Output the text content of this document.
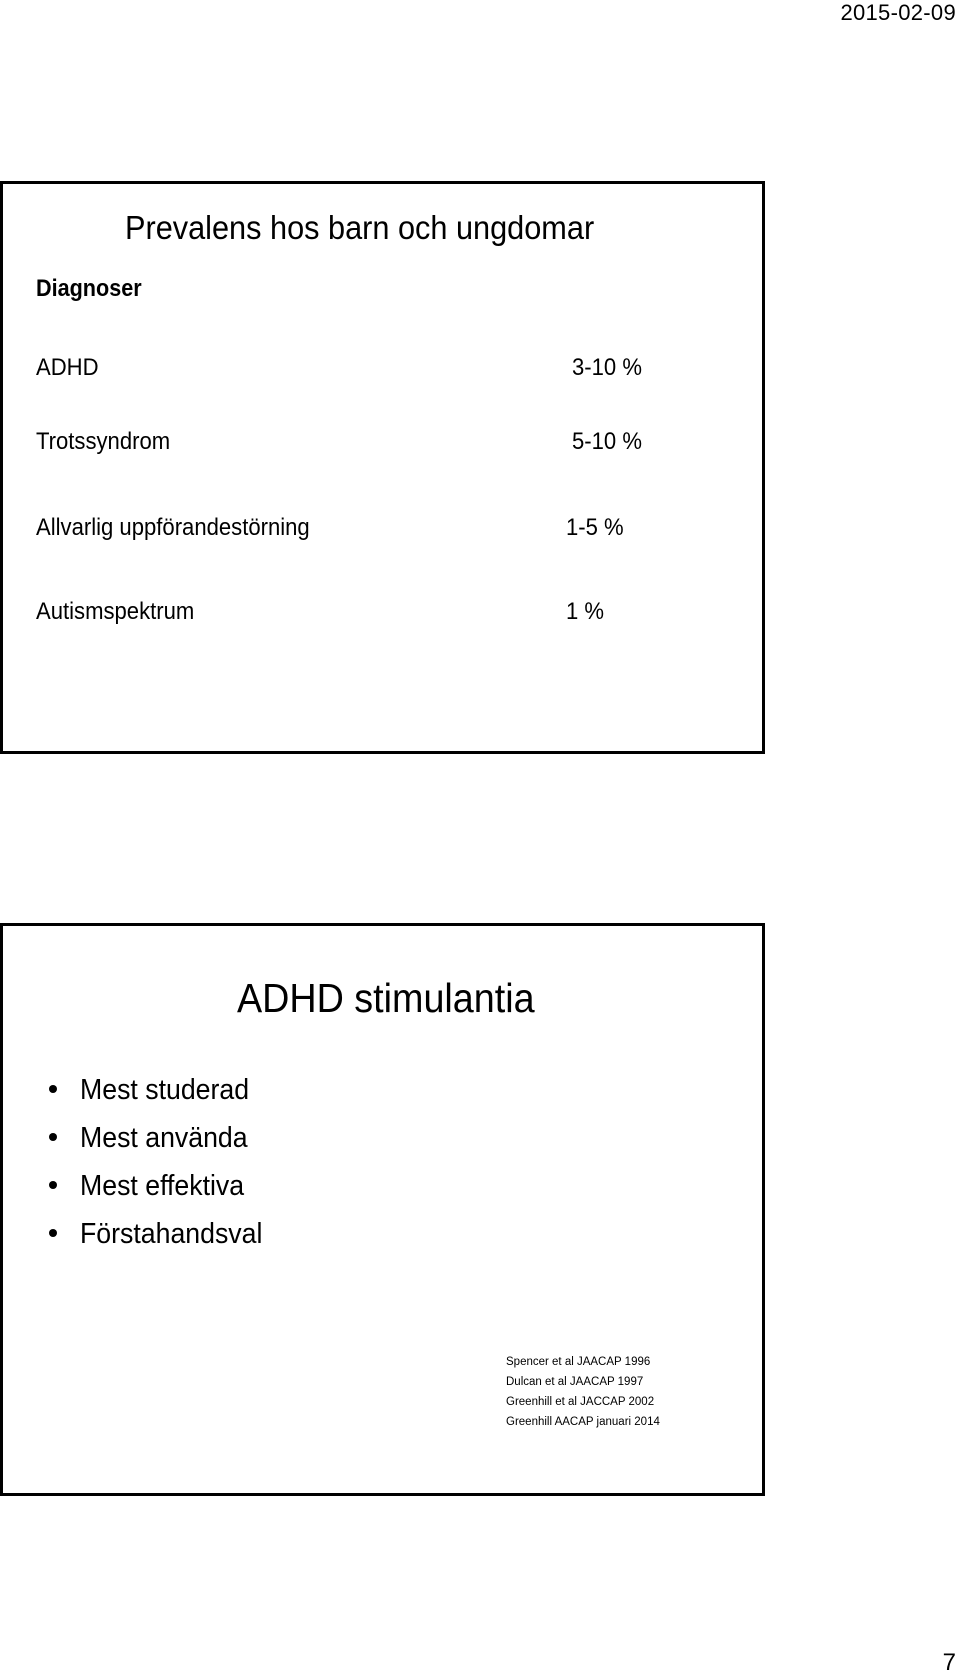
2015-02-09
Prevalens hos barn och ungdomar
Diagnoser
ADHD	3-10 %
Trotssyndrom	5-10 %
Allvarlig uppförandestörning	1-5 %
Autismspektrum	1 %
ADHD stimulantia
Mest studerad
Mest använda
Mest effektiva
Förstahandsval
Spencer et al JAACAP 1996
Dulcan et al JAACAP 1997
Greenhill et al JACCAP 2002
Greenhill AACAP januari 2014
7
